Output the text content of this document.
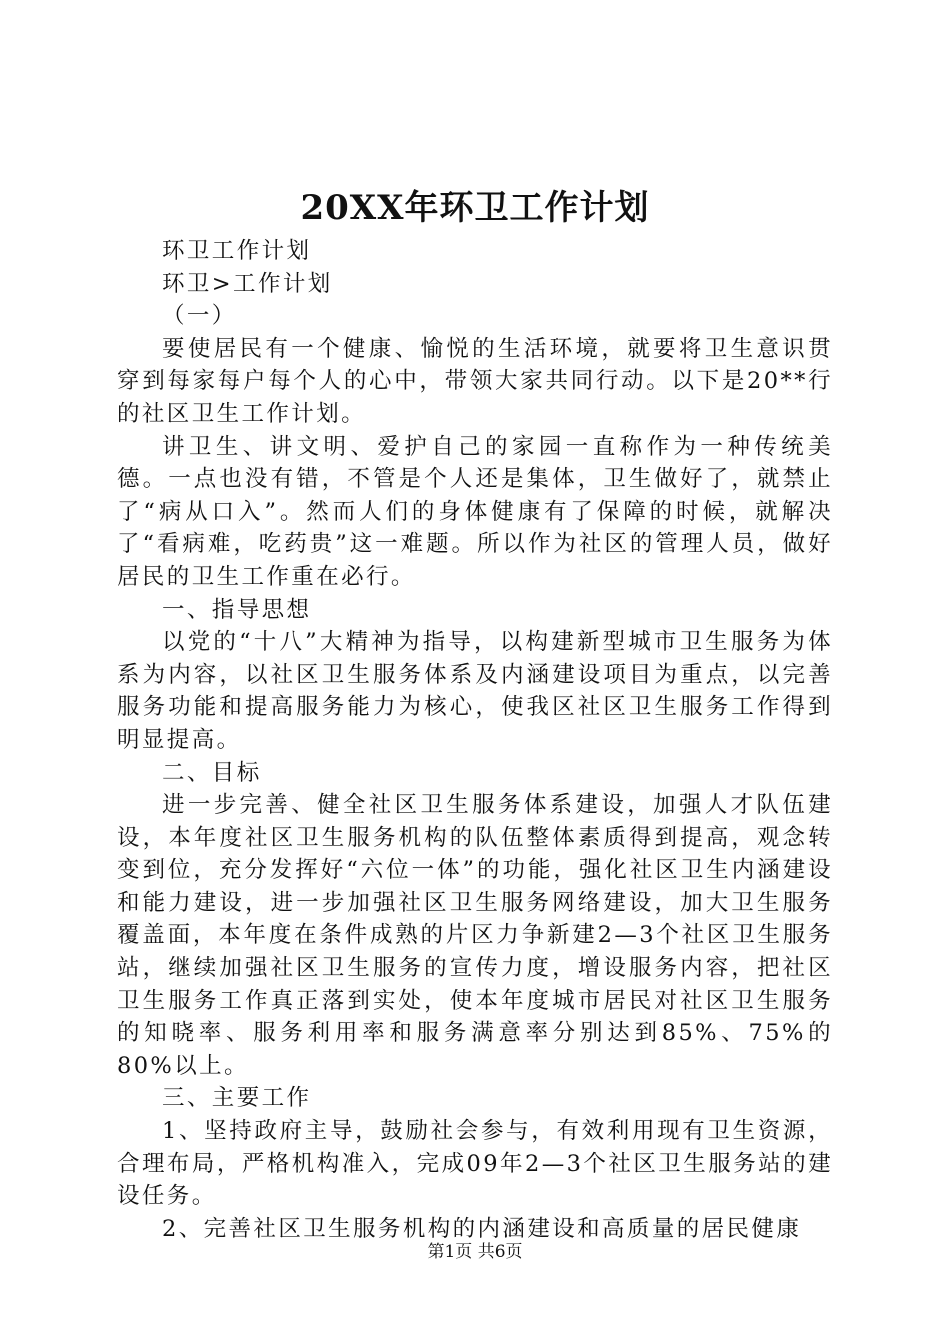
20XX年环卫工作计划

环卫工作计划

环卫>工作计划

（一）

要使居民有一个健康、愉悦的生活环境，就要将卫生意识贯穿到每家每户每个人的心中，带领大家共同行动。以下是20**行的社区卫生工作计划。

讲卫生、讲文明、爱护自己的家园一直称作为一种传统美德。一点也没有错，不管是个人还是集体，卫生做好了，就禁止了“病从口入”。然而人们的身体健康有了保障的时候，就解决了“看病难，吃药贵”这一难题。所以作为社区的管理人员，做好居民的卫生工作重在必行。

一、指导思想

以党的“十八”大精神为指导，以构建新型城市卫生服务为体系为内容，以社区卫生服务体系及内涵建设项目为重点，以完善服务功能和提高服务能力为核心，使我区社区卫生服务工作得到明显提高。

二、目标

进一步完善、健全社区卫生服务体系建设，加强人才队伍建设，本年度社区卫生服务机构的队伍整体素质得到提高，观念转变到位，充分发挥好“六位一体”的功能，强化社区卫生内涵建设和能力建设，进一步加强社区卫生服务网络建设，加大卫生服务覆盖面，本年度在条件成熟的片区力争新建2—3个社区卫生服务站，继续加强社区卫生服务的宣传力度，增设服务内容，把社区卫生服务工作真正落到实处，使本年度城市居民对社区卫生服务的知晓率、服务利用率和服务满意率分别达到85%、75%的80%以上。

三、主要工作

1、坚持政府主导，鼓励社会参与，有效利用现有卫生资源，合理布局，严格机构准入，完成09年2—3个社区卫生服务站的建设任务。

2、完善社区卫生服务机构的内涵建设和高质量的居民健康

第1页 共6页
